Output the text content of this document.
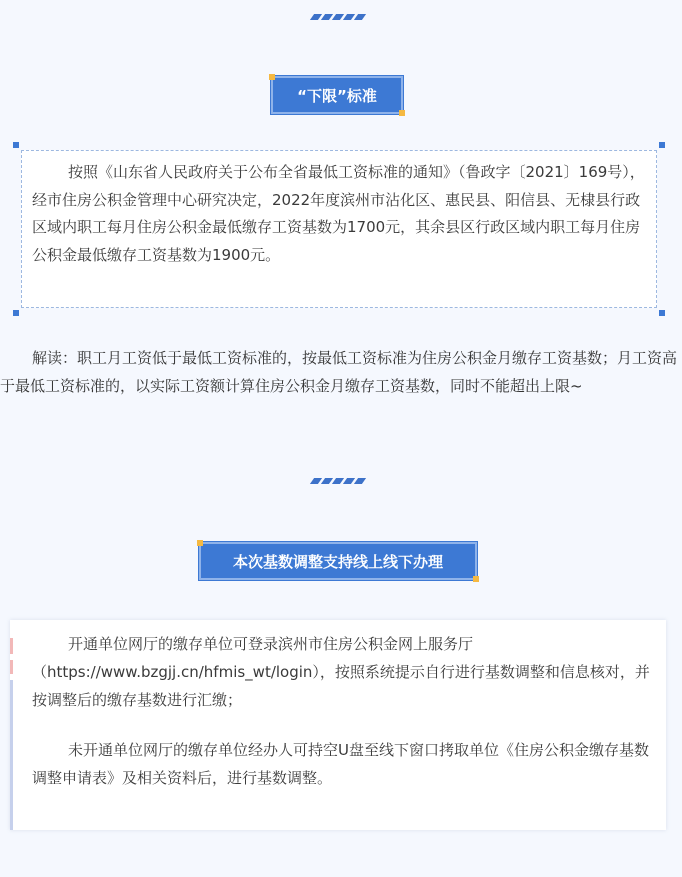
“下限”标准
按照《山东省人民政府关于公布全省最低工资标准的通知》（鲁政字〔2021〕169号），经市住房公积金管理中心研究决定，2022年度滨州市沾化区、惠民县、阳信县、无棣县行政区域内职工每月住房公积金最低缴存工资基数为1700元，其余县区行政区域内职工每月住房公积金最低缴存工资基数为1900元。
解读：职工月工资低于最低工资标准的，按最低工资标准为住房公积金月缴存工资基数；月工资高于最低工资标准的，以实际工资额计算住房公积金月缴存工资基数，同时不能超出上限~
本次基数调整支持线上线下办理
开通单位网厅的缴存单位可登录滨州市住房公积金网上服务厅（https://www.bzgjj.cn/hfmis_wt/login），按照系统提示自行进行基数调整和信息核对，并按调整后的缴存基数进行汇缴；
未开通单位网厅的缴存单位经办人可持空U盘至线下窗口拷取单位《住房公积金缴存基数调整申请表》及相关资料后，进行基数调整。
